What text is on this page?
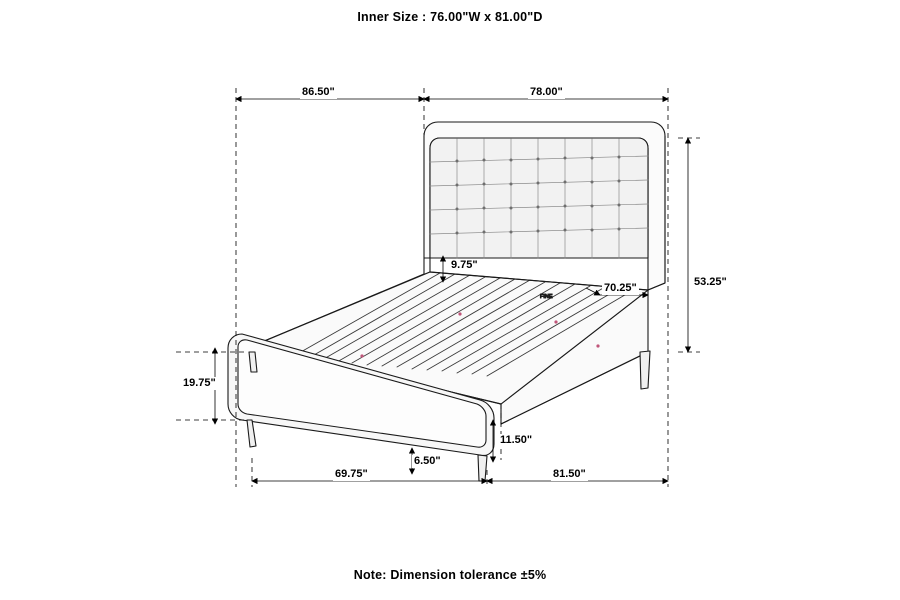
Inner Size : 76.00"W x 81.00"D
FINE
86.50"	78.00"
53.25"
70.25"
9.75"
19.75"
11.50"
6.50"
69.75"	81.50"
Note: Dimension tolerance ±5%
